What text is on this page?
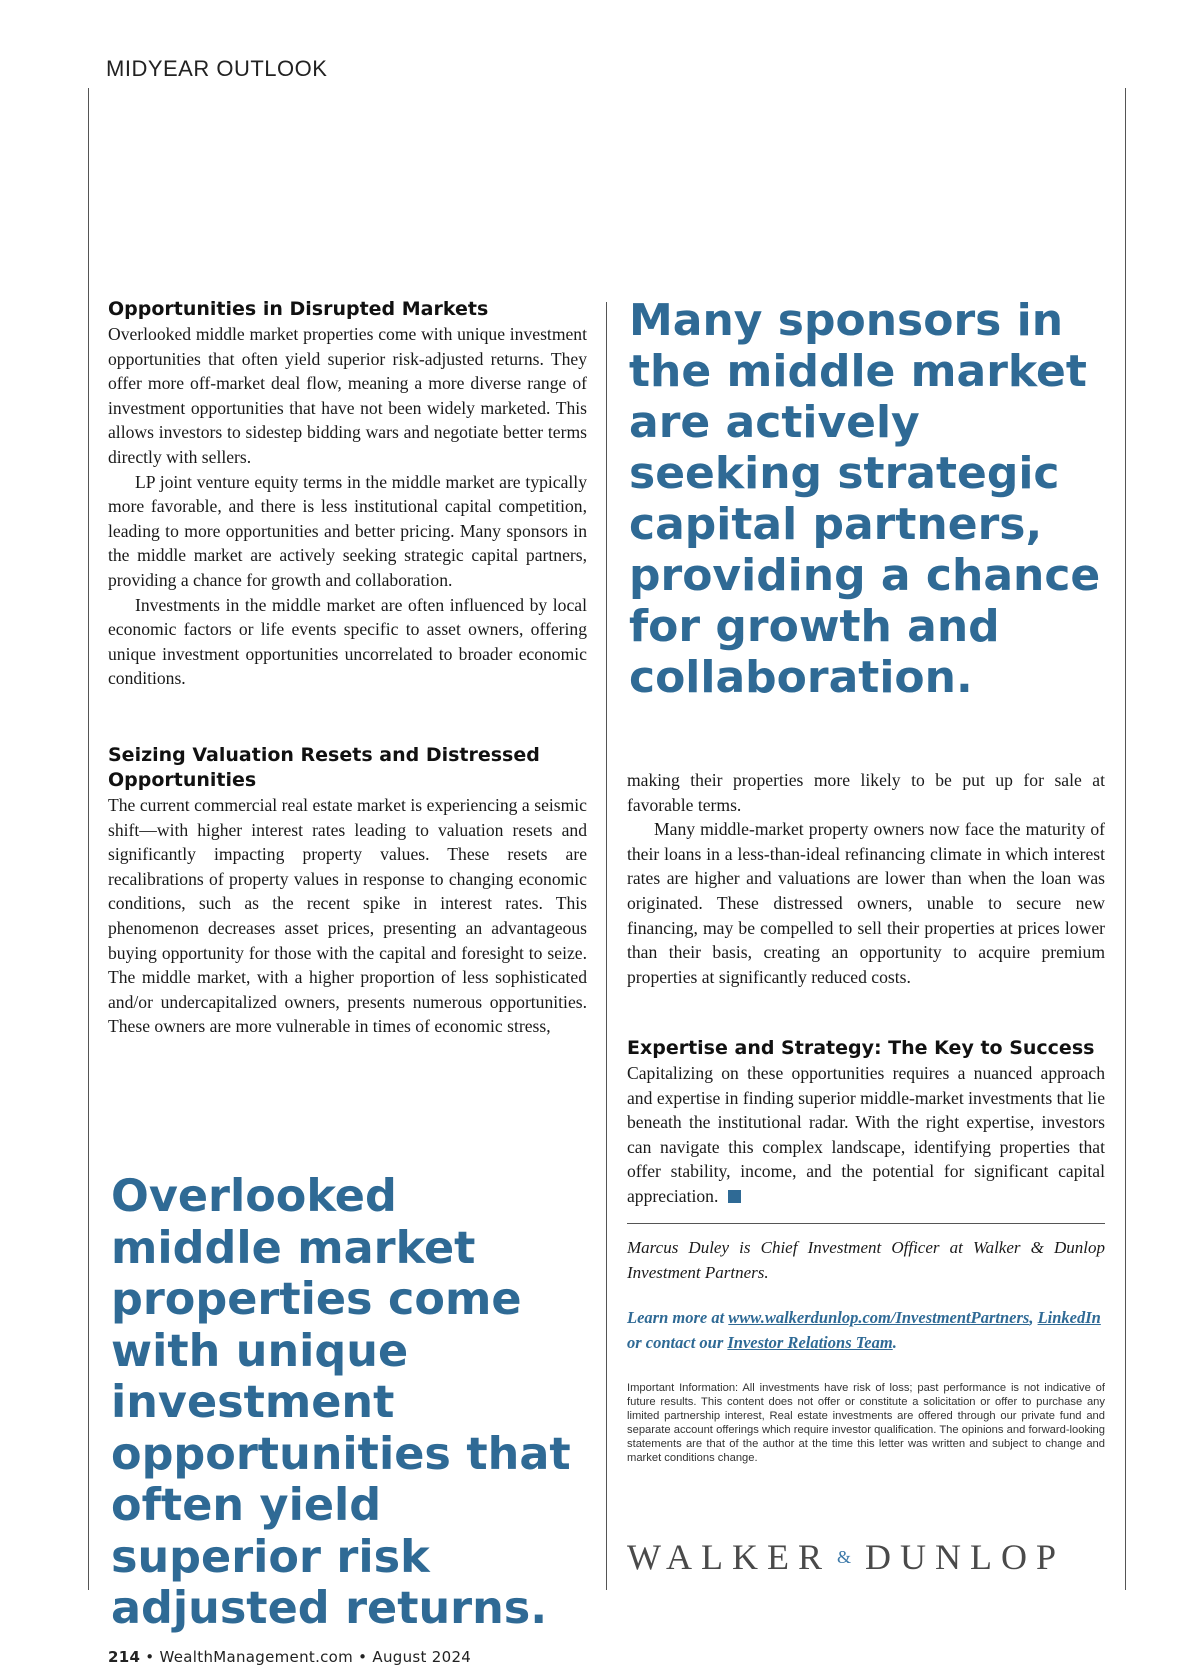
MIDYEAR OUTLOOK
Opportunities in Disrupted Markets

Overlooked middle market properties come with unique investment opportunities that often yield superior risk-adjusted returns. They offer more off-market deal flow, meaning a more diverse range of investment opportunities that have not been widely marketed. This allows investors to sidestep bidding wars and negotiate better terms directly with sellers.

LP joint venture equity terms in the middle market are typically more favorable, and there is less institutional capital competition, leading to more opportunities and better pricing. Many sponsors in the middle market are actively seeking strategic capital partners, providing a chance for growth and collaboration.

Investments in the middle market are often influenced by local economic factors or life events specific to asset owners, offering unique investment opportunities uncorrelated to broader economic conditions.

Seizing Valuation Resets and Distressed Opportunities

The current commercial real estate market is experiencing a seismic shift—with higher interest rates leading to valuation resets and significantly impacting property values. These resets are recalibrations of property values in response to changing economic conditions, such as the recent spike in interest rates. This phenomenon decreases asset prices, presenting an advantageous buying opportunity for those with the capital and foresight to seize. The middle market, with a higher proportion of less sophisticated and/or undercapitalized owners, presents numerous opportunities. These owners are more vulnerable in times of economic stress,

Overlooked middle market properties come with unique investment opportunities that often yield superior risk adjusted returns.

Many sponsors in the middle market are actively seeking strategic capital partners, providing a chance for growth and collaboration.

making their properties more likely to be put up for sale at favorable terms.

Many middle-market property owners now face the maturity of their loans in a less-than-ideal refinancing climate in which interest rates are higher and valuations are lower than when the loan was originated. These distressed owners, unable to secure new financing, may be compelled to sell their properties at prices lower than their basis, creating an opportunity to acquire premium properties at significantly reduced costs.

Expertise and Strategy: The Key to Success

Capitalizing on these opportunities requires a nuanced approach and expertise in finding superior middle-market investments that lie beneath the institutional radar. With the right expertise, investors can navigate this complex landscape, identifying properties that offer stability, income, and the potential for significant capital appreciation.

Marcus Duley is Chief Investment Officer at Walker & Dunlop Investment Partners.

Learn more at www.walkerdunlop.com/InvestmentPartners, LinkedIn or contact our Investor Relations Team.

Important Information: All investments have risk of loss; past performance is not indicative of future results. This content does not offer or constitute a solicitation or offer to purchase any limited partnership interest, Real estate investments are offered through our private fund and separate account offerings which require investor qualification. The opinions and forward-looking statements are that of the author at the time this letter was written and subject to change and market conditions change.

WALKER & DUNLOP
214 • WealthManagement.com • August 2024
